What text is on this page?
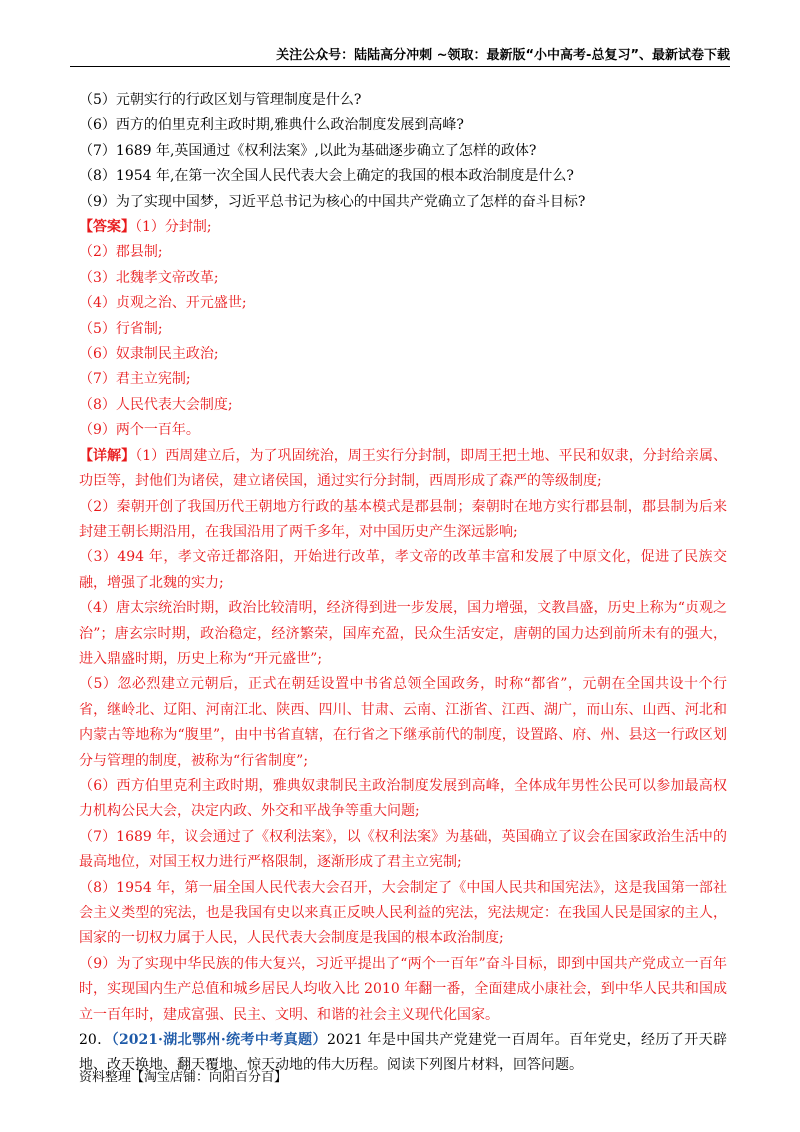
关注公众号：陆陆高分冲刺 ~领取：最新版“小中高考-总复习”、最新试卷下载
（5）元朝实行的行政区划与管理制度是什么?
（6）西方的伯里克利主政时期,雅典什么政治制度发展到高峰?
（7）1689 年,英国通过《权利法案》,以此为基础逐步确立了怎样的政体?
（8）1954 年,在第一次全国人民代表大会上确定的我国的根本政治制度是什么?
（9）为了实现中国梦，习近平总书记为核心的中国共产党确立了怎样的奋斗目标?
【答案】（1）分封制;
（2）郡县制;
（3）北魏孝文帝改革;
（4）贞观之治、开元盛世;
（5）行省制;
（6）奴隶制民主政治;
（7）君主立宪制;
（8）人民代表大会制度;
（9）两个一百年。
【详解】（1）西周建立后，为了巩固统治，周王实行分封制，即周王把土地、平民和奴隶，分封给亲属、功臣等，封他们为诸侯，建立诸侯国，通过实行分封制，西周形成了森严的等级制度;
（2）秦朝开创了我国历代王朝地方行政的基本模式是郡县制；秦朝时在地方实行郡县制，郡县制为后来封建王朝长期沿用，在我国沿用了两千多年，对中国历史产生深远影响;
（3）494 年，孝文帝迁都洛阳，开始进行改革，孝文帝的改革丰富和发展了中原文化，促进了民族交融，增强了北魏的实力;
（4）唐太宗统治时期，政治比较清明，经济得到进一步发展，国力增强，文教昌盛，历史上称为“贞观之治”；唐玄宗时期，政治稳定，经济繁荣，国库充盈，民众生活安定，唐朝的国力达到前所未有的强大，进入鼎盛时期，历史上称为“开元盛世”;
（5）忽必烈建立元朝后，正式在朝廷设置中书省总领全国政务，时称“都省”，元朝在全国共设十个行省，继岭北、辽阳、河南江北、陕西、四川、甘肃、云南、江浙省、江西、湖广，而山东、山西、河北和内蒙古等地称为“腹里”，由中书省直辖，在行省之下继承前代的制度，设置路、府、州、县这一行政区划分与管理的制度，被称为“行省制度”;
（6）西方伯里克利主政时期，雅典奴隶制民主政治制度发展到高峰，全体成年男性公民可以参加最高权力机构公民大会，决定内政、外交和平战争等重大问题;
（7）1689 年，议会通过了《权利法案》，以《权利法案》为基础，英国确立了议会在国家政治生活中的最高地位，对国王权力进行严格限制，逐渐形成了君主立宪制;
（8）1954 年，第一届全国人民代表大会召开，大会制定了《中国人民共和国宪法》，这是我国第一部社会主义类型的宪法，也是我国有史以来真正反映人民利益的宪法，宪法规定：在我国人民是国家的主人，国家的一切权力属于人民，人民代表大会制度是我国的根本政治制度;
（9）为了实现中华民族的伟大复兴，习近平提出了“两个一百年”奋斗目标，即到中国共产党成立一百年时，实现国内生产总值和城乡居民人均收入比 2010 年翻一番，全面建成小康社会，到中华人民共和国成立一百年时，建成富强、民主、文明、和谐的社会主义现代化国家。
20．（2021·湖北鄂州·统考中考真题）2021 年是中国共产党建党一百周年。百年党史，经历了开天辟地、改天换地、翻天覆地、惊天动地的伟大历程。阅读下列图片材料，回答问题。
资料整理【淘宝店铺：向阳百分百】
